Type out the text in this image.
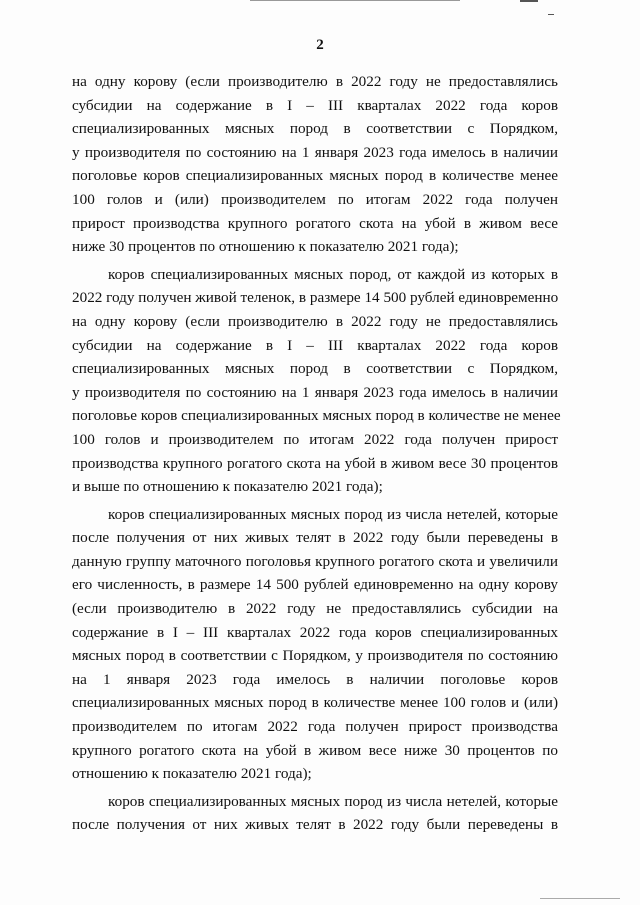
2
на одну корову (если производителю в 2022 году не предоставлялись
субсидии на содержание в I – III кварталах 2022 года коров
специализированных мясных пород в соответствии с Порядком,
у производителя по состоянию на 1 января 2023 года имелось в наличии
поголовье коров специализированных мясных пород в количестве менее
100 голов и (или) производителем по итогам 2022 года получен
прирост производства крупного рогатого скота на убой в живом весе
ниже 30 процентов по отношению к показателю 2021 года);
коров специализированных мясных пород, от каждой из которых в
2022 году получен живой теленок, в размере 14 500 рублей единовременно
на одну корову (если производителю в 2022 году не предоставлялись
субсидии на содержание в I – III кварталах 2022 года коров
специализированных мясных пород в соответствии с Порядком,
у производителя по состоянию на 1 января 2023 года имелось в наличии
поголовье коров специализированных мясных пород в количестве не менее
100 голов и производителем по итогам 2022 года получен прирост
производства крупного рогатого скота на убой в живом весе 30 процентов
и выше по отношению к показателю 2021 года);
коров специализированных мясных пород из числа нетелей, которые
после получения от них живых телят в 2022 году были переведены в
данную группу маточного поголовья крупного рогатого скота и увеличили
его численность, в размере 14 500 рублей единовременно на одну корову
(если производителю в 2022 году не предоставлялись субсидии на
содержание в I – III кварталах 2022 года коров специализированных
мясных пород в соответствии с Порядком, у производителя по состоянию
на 1 января 2023 года имелось в наличии поголовье коров
специализированных мясных пород в количестве менее 100 голов и (или)
производителем по итогам 2022 года получен прирост производства
крупного рогатого скота на убой в живом весе ниже 30 процентов по
отношению к показателю 2021 года);
коров специализированных мясных пород из числа нетелей, которые
после получения от них живых телят в 2022 году были переведены в
